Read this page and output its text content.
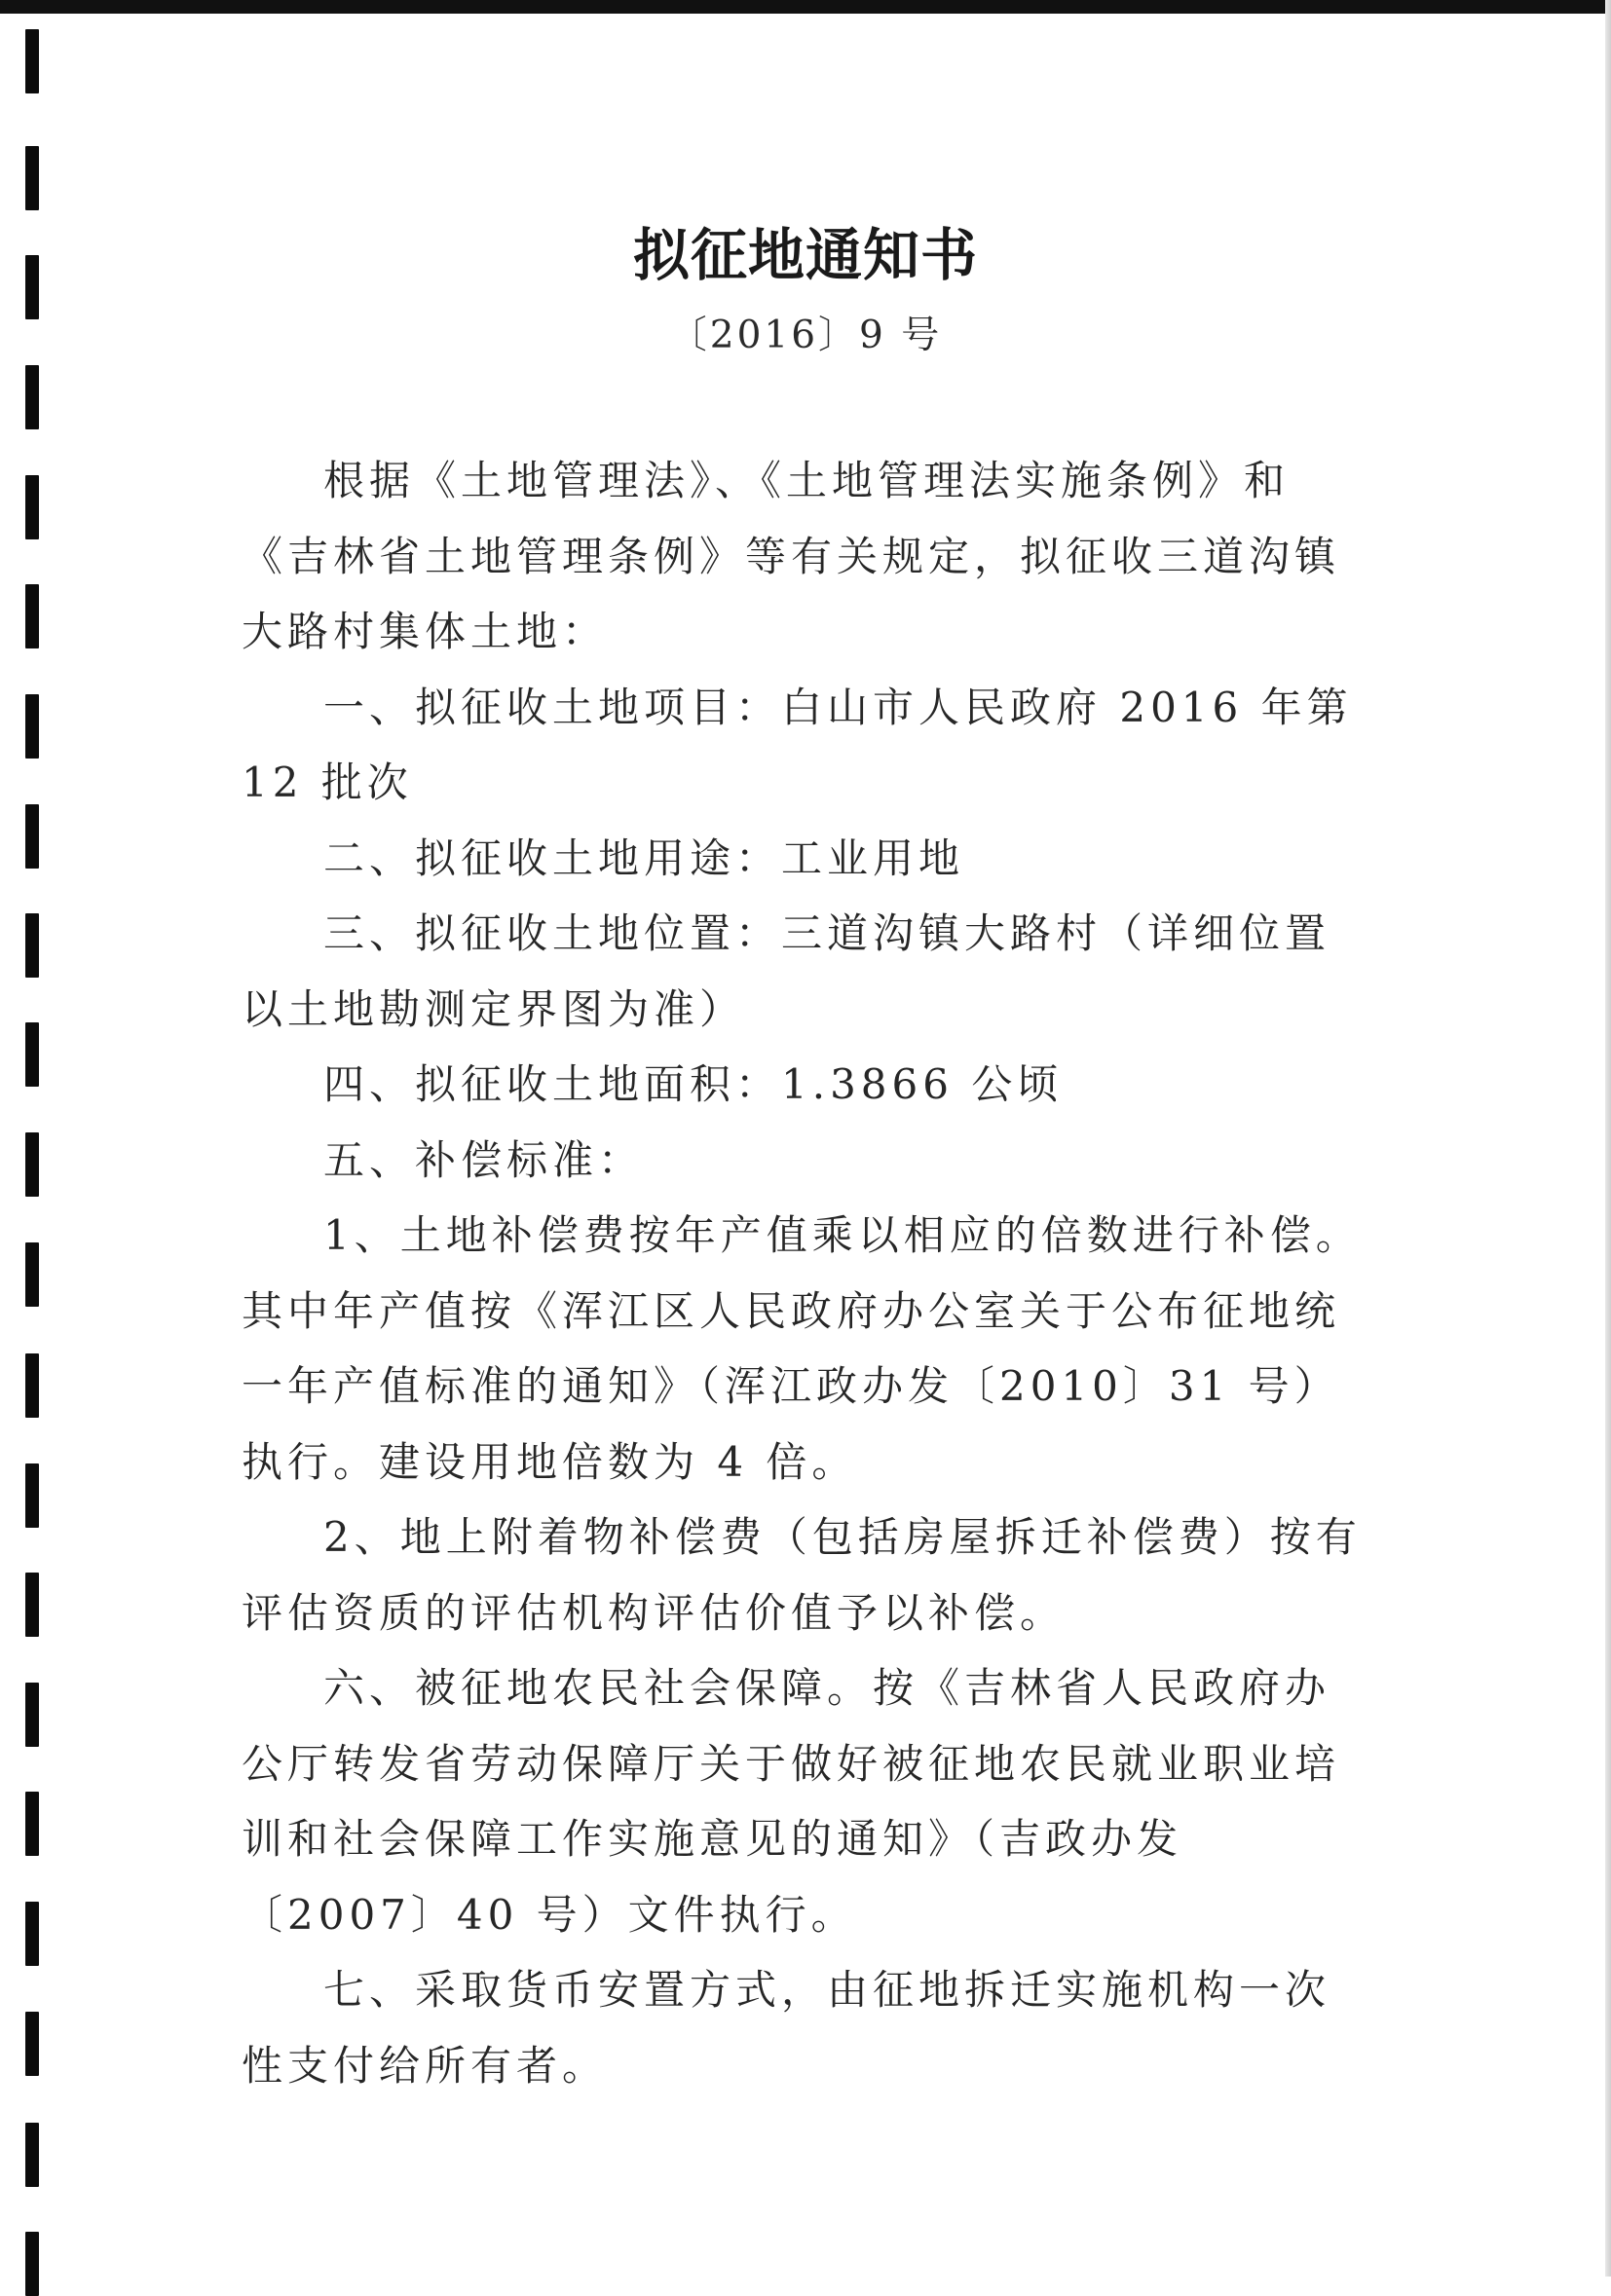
拟征地通知书
〔2016〕9 号

根据《土地管理法》、《土地管理法实施条例》和《吉林省土地管理条例》等有关规定，拟征收三道沟镇大路村集体土地：

一、拟征收土地项目：白山市人民政府 2016 年第 12 批次

二、拟征收土地用途：工业用地

三、拟征收土地位置：三道沟镇大路村（详细位置以土地勘测定界图为准）

四、拟征收土地面积：1.3866 公顷

五、补偿标准：

1、土地补偿费按年产值乘以相应的倍数进行补偿。其中年产值按《浑江区人民政府办公室关于公布征地统一年产值标准的通知》（浑江政办发〔2010〕31 号）执行。建设用地倍数为 4 倍。

2、地上附着物补偿费（包括房屋拆迁补偿费）按有评估资质的评估机构评估价值予以补偿。

六、被征地农民社会保障。按《吉林省人民政府办公厅转发省劳动保障厅关于做好被征地农民就业职业培训和社会保障工作实施意见的通知》（吉政办发〔2007〕40 号）文件执行。

七、采取货币安置方式，由征地拆迁实施机构一次性支付给所有者。
